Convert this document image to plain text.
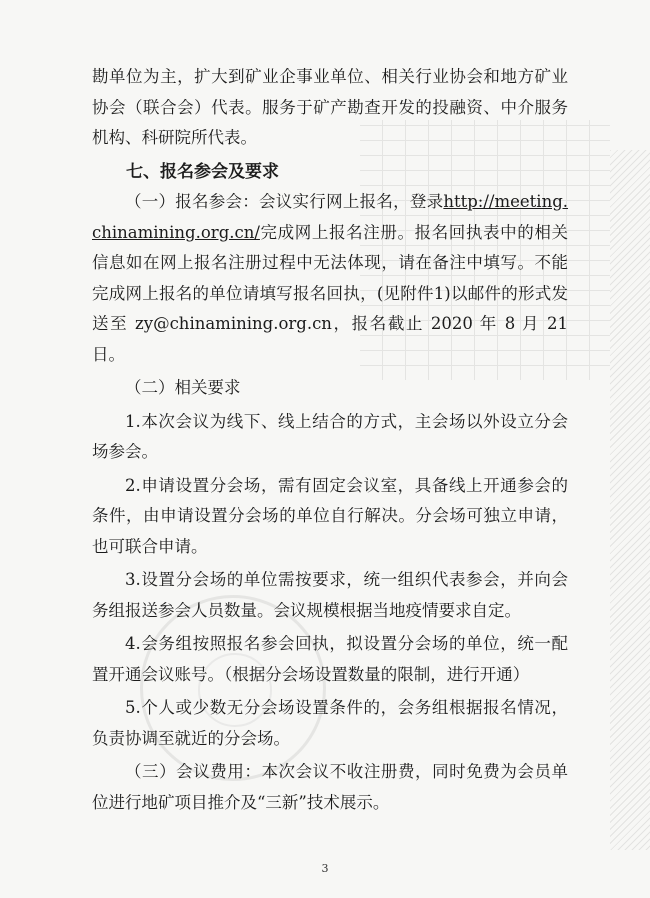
勘单位为主，扩大到矿业企事业单位、相关行业协会和地方矿业协会（联合会）代表。服务于矿产勘查开发的投融资、中介服务机构、科研院所代表。

七、报名参会及要求

（一）报名参会：会议实行网上报名，登录http://meeting.chinamining.org.cn/完成网上报名注册。报名回执表中的相关信息如在网上报名注册过程中无法体现，请在备注中填写。不能完成网上报名的单位请填写报名回执，(见附件1)以邮件的形式发送至 zy@chinamining.org.cn，报名截止 2020 年 8 月 21 日。

（二）相关要求

1.本次会议为线下、线上结合的方式，主会场以外设立分会场参会。

2.申请设置分会场，需有固定会议室，具备线上开通参会的条件，由申请设置分会场的单位自行解决。分会场可独立申请，也可联合申请。

3.设置分会场的单位需按要求，统一组织代表参会，并向会务组报送参会人员数量。会议规模根据当地疫情要求自定。

4.会务组按照报名参会回执，拟设置分会场的单位，统一配置开通会议账号。（根据分会场设置数量的限制，进行开通）

5.个人或少数无分会场设置条件的，会务组根据报名情况，负责协调至就近的分会场。

（三）会议费用：本次会议不收注册费，同时免费为会员单位进行地矿项目推介及“三新”技术展示。

3
